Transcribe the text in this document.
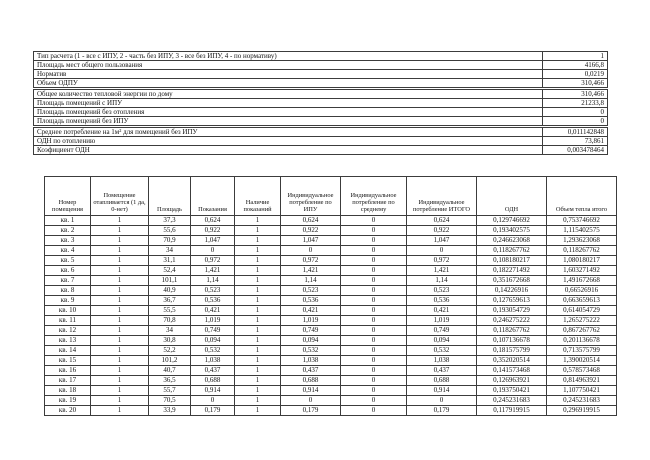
Тип расчета (1 - все с ИПУ, 2 - часть без ИПУ, 3 - все без ИПУ, 4 - по нормативу)	1
Площадь мест общего пользования	4166,8
Норматив	0,0219
Объем ОДПУ	310,466
Общее количество тепловой энергии по дому	310,466
Площадь помещений с ИПУ	21233,8
Площадь помещений без отопления	0
Площадь помещений без ИПУ	0
Среднее потребление на 1м² для помещений без ИПУ	0,011142848
ОДН по отоплению	73,861
Коэфициент ОДН	0,003478464
Номер помещения	Помещение отапливается (1 да, 0-нет)	Площадь	Показания	Наличие показаний	Индивидуальное потребление по ИПУ	Индивидуальное потребление по среднему	Индивидуальное потребление ИТОГО	ОДН	Объем тепла итого
кв. 1	1	37,3	0,624	1	0,624	0	0,624	0,129746692	0,753746692
кв. 2	1	55,6	0,922	1	0,922	0	0,922	0,193402575	1,115402575
кв. 3	1	70,9	1,047	1	1,047	0	1,047	0,246623068	1,293623068
кв. 4	1	34	0	1	0	0	0	0,118267762	0,118267762
кв. 5	1	31,1	0,972	1	0,972	0	0,972	0,108180217	1,080180217
кв. 6	1	52,4	1,421	1	1,421	0	1,421	0,182271492	1,603271492
кв. 7	1	101,1	1,14	1	1,14	0	1,14	0,351672668	1,491672668
кв. 8	1	40,9	0,523	1	0,523	0	0,523	0,14226916	0,66526916
кв. 9	1	36,7	0,536	1	0,536	0	0,536	0,127659613	0,663659613
кв. 10	1	55,5	0,421	1	0,421	0	0,421	0,193054729	0,614054729
кв. 11	1	70,8	1,019	1	1,019	0	1,019	0,246275222	1,265275222
кв. 12	1	34	0,749	1	0,749	0	0,749	0,118267762	0,867267762
кв. 13	1	30,8	0,094	1	0,094	0	0,094	0,107136678	0,201136678
кв. 14	1	52,2	0,532	1	0,532	0	0,532	0,181575799	0,713575799
кв. 15	1	101,2	1,038	1	1,038	0	1,038	0,352020514	1,390020514
кв. 16	1	40,7	0,437	1	0,437	0	0,437	0,141573468	0,578573468
кв. 17	1	36,5	0,688	1	0,688	0	0,688	0,126963921	0,814963921
кв. 18	1	55,7	0,914	1	0,914	0	0,914	0,193750421	1,107750421
кв. 19	1	70,5	0	1	0	0	0	0,245231683	0,245231683
кв. 20	1	33,9	0,179	1	0,179	0	0,179	0,117919915	0,296919915
